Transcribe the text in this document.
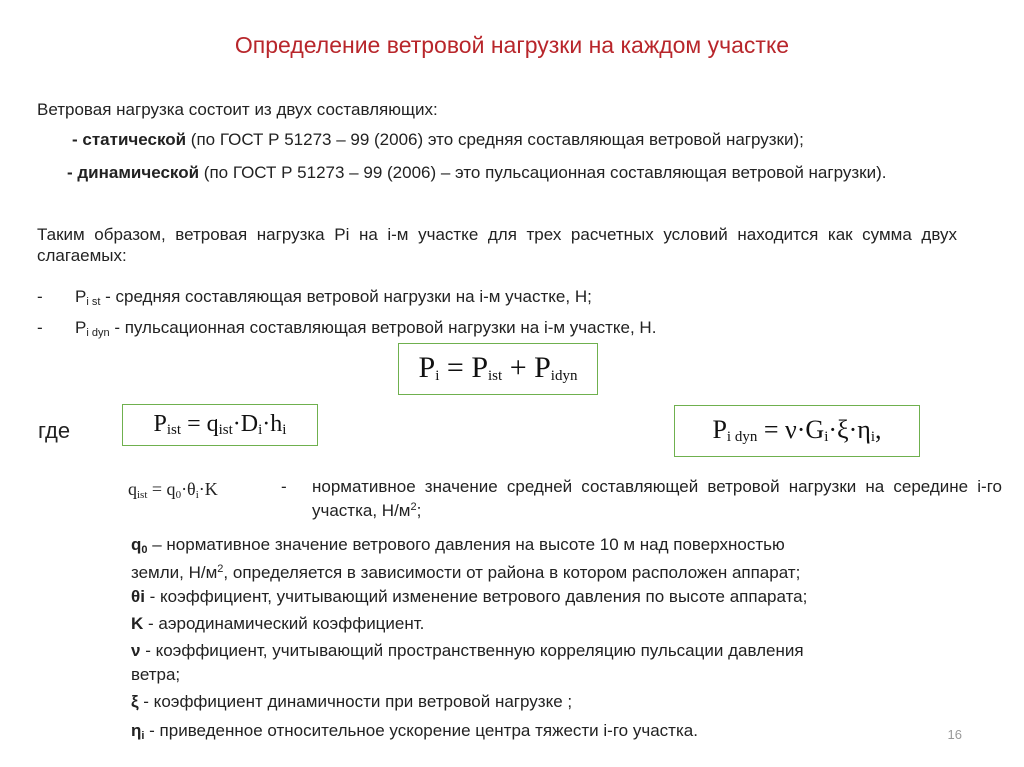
Определение ветровой нагрузки на каждом участке
Ветровая нагрузка состоит из двух составляющих:
- статической (по ГОСТ Р 51273 – 99 (2006) это средняя составляющая ветровой нагрузки);
- динамической (по ГОСТ Р 51273 – 99 (2006) – это пульсационная составляющая ветровой нагрузки).
Таким образом, ветровая нагрузка Pi на i-м участке для трех расчетных условий находится как сумма двух слагаемых:
- $P_{i st}$ - средняя составляющая ветровой нагрузки на i-м участке, Н;
- $P_{i dyn}$ - пульсационная составляющая ветровой нагрузки на i-м участке, Н.
$P_i = P_{ist} + P_{idyn}$
где	$P_{ist} = q_{ist}\cdot D_i\cdot h_i$	$P_{i dyn} = \nu\cdot G_i\cdot\xi\cdot\eta_i$,
$q_{ist} = q_0\cdot\theta_i\cdot K$	- нормативное значение средней составляющей ветровой нагрузки на середине i-го участка, $Н/м^2$;
$q_0$ – нормативное значение ветрового давления на высоте 10 м над поверхностью
земли, $Н/м^2$, определяется в зависимости от района в котором расположен аппарат;
θi - коэффициент, учитывающий изменение ветрового давления по высоте аппарата;
K - аэродинамический коэффициент.
ν - коэффициент, учитывающий пространственную корреляцию пульсации давления
ветра;
ξ - коэффициент динамичности при ветровой нагрузке ;
$\eta_i$ - приведенное относительное ускорение центра тяжести i-го участка.	16
